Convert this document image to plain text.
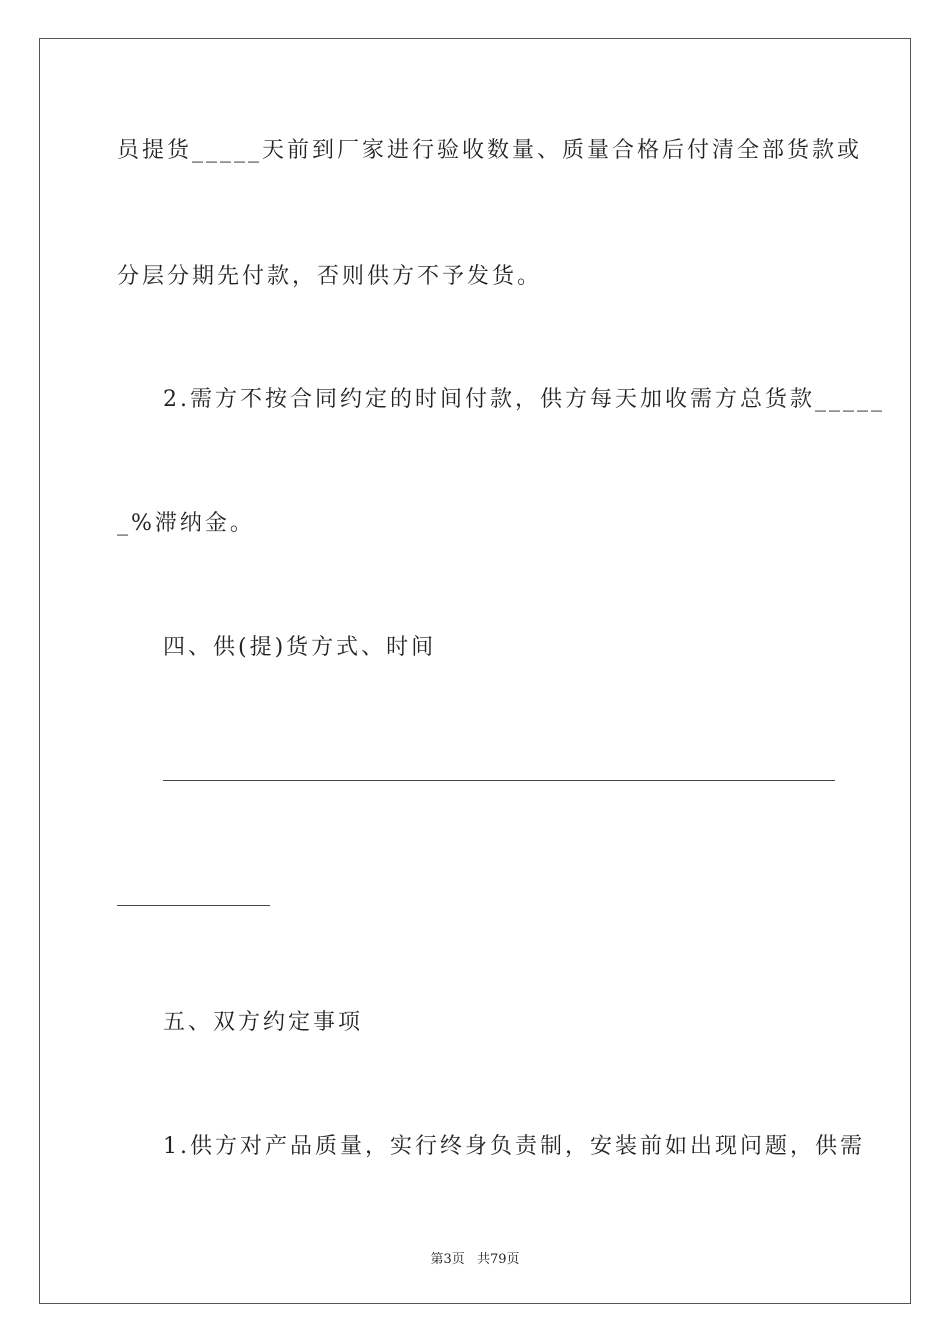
员提货_____天前到厂家进行验收数量、质量合格后付清全部货款或
分层分期先付款，否则供方不予发货。
2.需方不按合同约定的时间付款，供方每天加收需方总货款_____
_%滞纳金。
四、供(提)货方式、时间
五、双方约定事项
1.供方对产品质量，实行终身负责制，安装前如出现问题，供需
第3页 共79页
